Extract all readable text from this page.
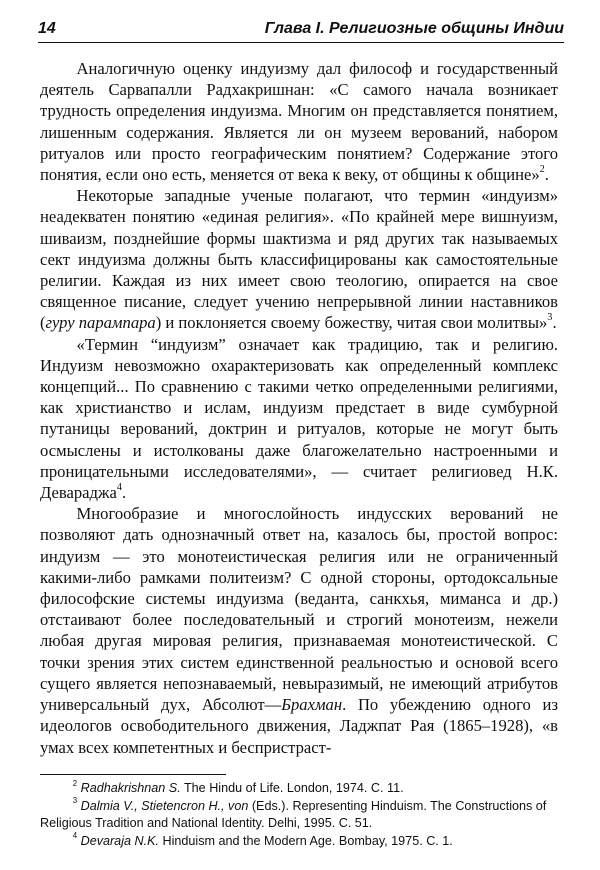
14	Глава I. Религиозные общины Индии

Аналогичную оценку индуизму дал философ и государственный деятель Сарвапалли Радхакришнан: «С самого начала возникает трудность определения индуизма. Многим он представляется понятием, лишенным содержания. Является ли он музеем верований, набором ритуалов или просто географическим понятием? Содержание этого понятия, если оно есть, меняется от века к веку, от общины к общине»$^2$.

Некоторые западные ученые полагают, что термин «индуизм» неадекватен понятию «единая религия». «По крайней мере вишнуизм, шиваизм, позднейшие формы шактизма и ряд других так называемых сект индуизма должны быть классифицированы как самостоятельные религии. Каждая из них имеет свою теологию, опирается на свое священное писание, следует учению непрерывной линии наставников (гуру парампара) и поклоняется своему божеству, читая свои молитвы»$^3$.

«Термин “индуизм” означает как традицию, так и религию. Индуизм невозможно охарактеризовать как определенный комплекс концепций... По сравнению с такими четко определенными религиями, как христианство и ислам, индуизм предстает в виде сумбурной путаницы верований, доктрин и ритуалов, которые не могут быть осмыслены и истолкованы даже благожелательно настроенными и проницательными исследователями», — считает религиовед Н.К. Девараджа$^4$.

Многообразие и многослойность индусских верований не позволяют дать однозначный ответ на, казалось бы, простой вопрос: индуизм — это монотеистическая религия или не ограниченный какими-либо рамками политеизм? С одной стороны, ортодоксальные философские системы индуизма (веданта, санкхья, миманса и др.) отстаивают более последовательный и строгий монотеизм, нежели любая другая мировая религия, признаваемая монотеистической. С точки зрения этих систем единственной реальностью и основой всего сущего является непознаваемый, невыразимый, не имеющий атрибутов универсальный дух, Абсолют—Брахман. По убеждению одного из идеологов освободительного движения, Ладжпат Рая (1865–1928), «в умах всех компетентных и беспристраст-

$^2$ Radhakrishnan S. The Hindu of Life. London, 1974. С. 11.

$^3$ Dalmia V., Stietencron H., von (Eds.). Representing Hinduism. The Constructions of Religious Tradition and National Identity. Delhi, 1995. С. 51.

$^4$ Devaraja N.K. Hinduism and the Modern Age. Bombay, 1975. С. 1.
